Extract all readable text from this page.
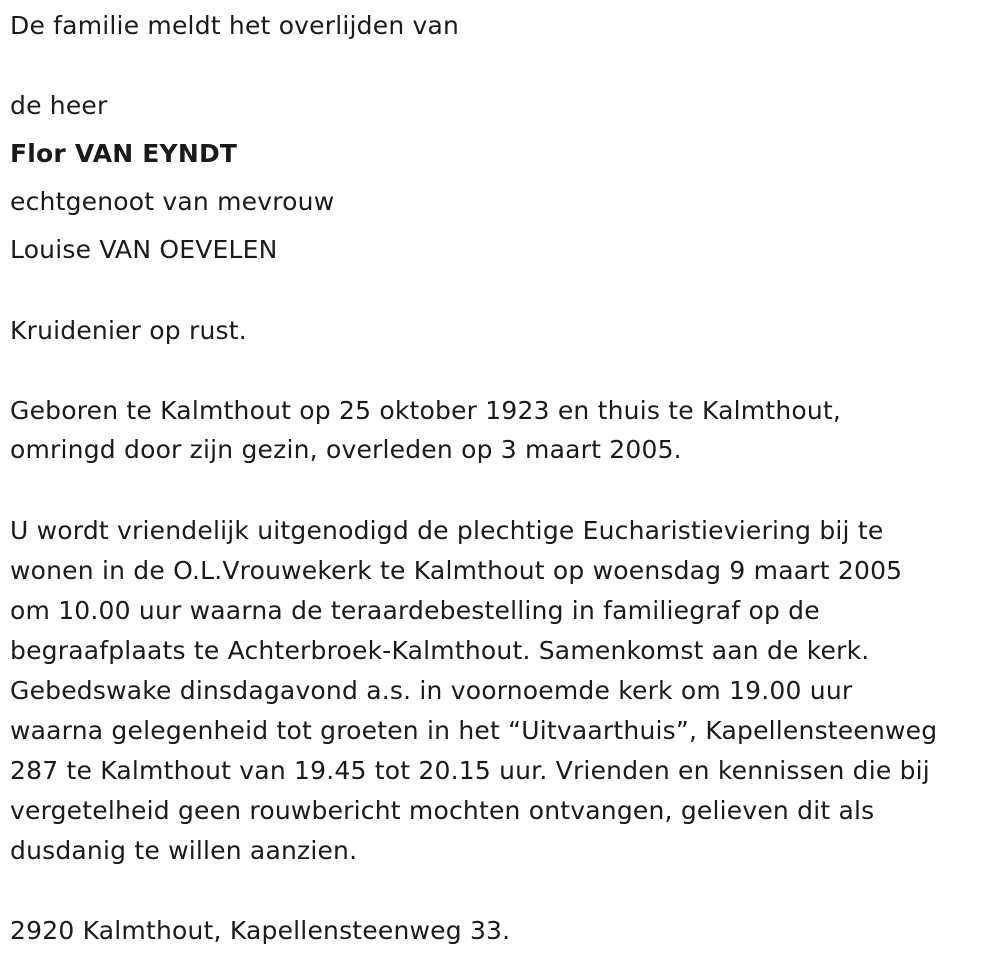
De familie meldt het overlijden van
de heer
Flor VAN EYNDT
echtgenoot van mevrouw
Louise VAN OEVELEN
Kruidenier op rust.
Geboren te Kalmthout op 25 oktober 1923 en thuis te Kalmthout,
omringd door zijn gezin, overleden op 3 maart 2005.
U wordt vriendelijk uitgenodigd de plechtige Eucharistieviering bij te
wonen in de O.L.Vrouwekerk te Kalmthout op woensdag 9 maart 2005
om 10.00 uur waarna de teraardebestelling in familiegraf op de
begraafplaats te Achterbroek-Kalmthout. Samenkomst aan de kerk.
Gebedswake dinsdagavond a.s. in voornoemde kerk om 19.00 uur
waarna gelegenheid tot groeten in het “Uitvaarthuis”, Kapellensteenweg
287 te Kalmthout van 19.45 tot 20.15 uur. Vrienden en kennissen die bij
vergetelheid geen rouwbericht mochten ontvangen, gelieven dit als
dusdanig te willen aanzien.
2920 Kalmthout, Kapellensteenweg 33.
